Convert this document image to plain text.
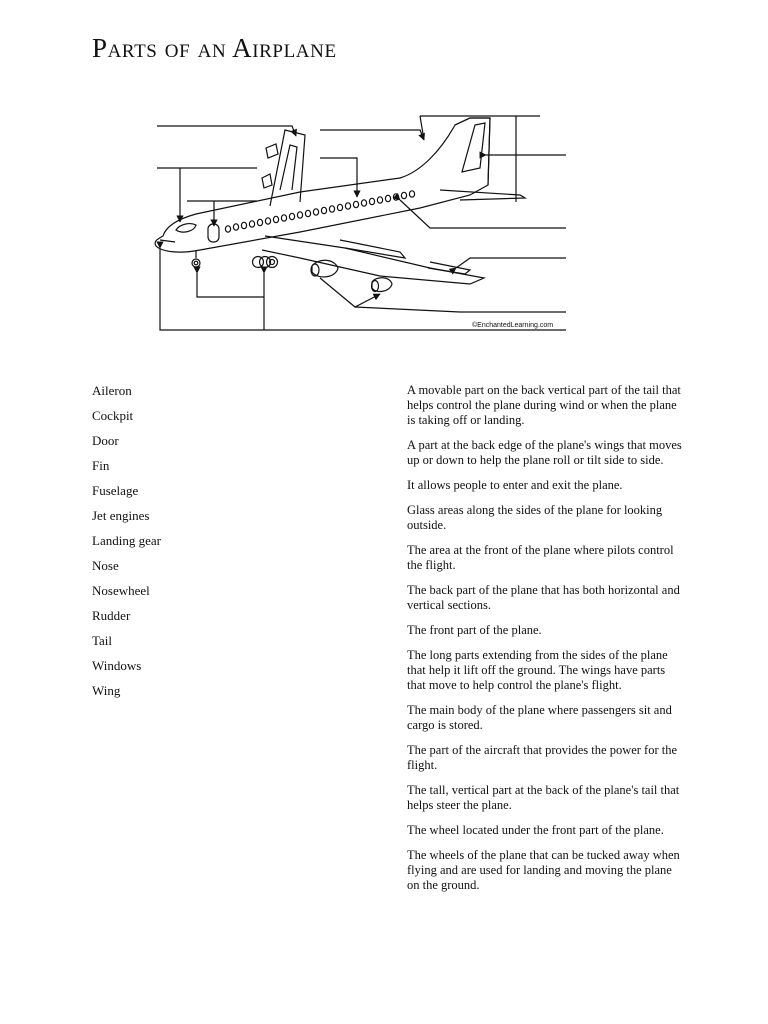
Parts of an Airplane
©EnchantedLearning.com
Aileron
Cockpit
Door
Fin
Fuselage
Jet engines
Landing gear
Nose
Nosewheel
Rudder
Tail
Windows
Wing
A movable part on the back vertical part of the tail that helps control the plane during wind or when the plane is taking off or landing.
A part at the back edge of the plane's wings that moves up or down to help the plane roll or tilt side to side.
It allows people to enter and exit the plane.
Glass areas along the sides of the plane for looking outside.
The area at the front of the plane where pilots control the flight.
The back part of the plane that has both horizontal and vertical sections.
The front part of the plane.
The long parts extending from the sides of the plane that help it lift off the ground. The wings have parts that move to help control the plane's flight.
The main body of the plane where passengers sit and cargo is stored.
The part of the aircraft that provides the power for the flight.
The tall, vertical part at the back of the plane's tail that helps steer the plane.
The wheel located under the front part of the plane.
The wheels of the plane that can be tucked away when flying and are used for landing and moving the plane on the ground.
